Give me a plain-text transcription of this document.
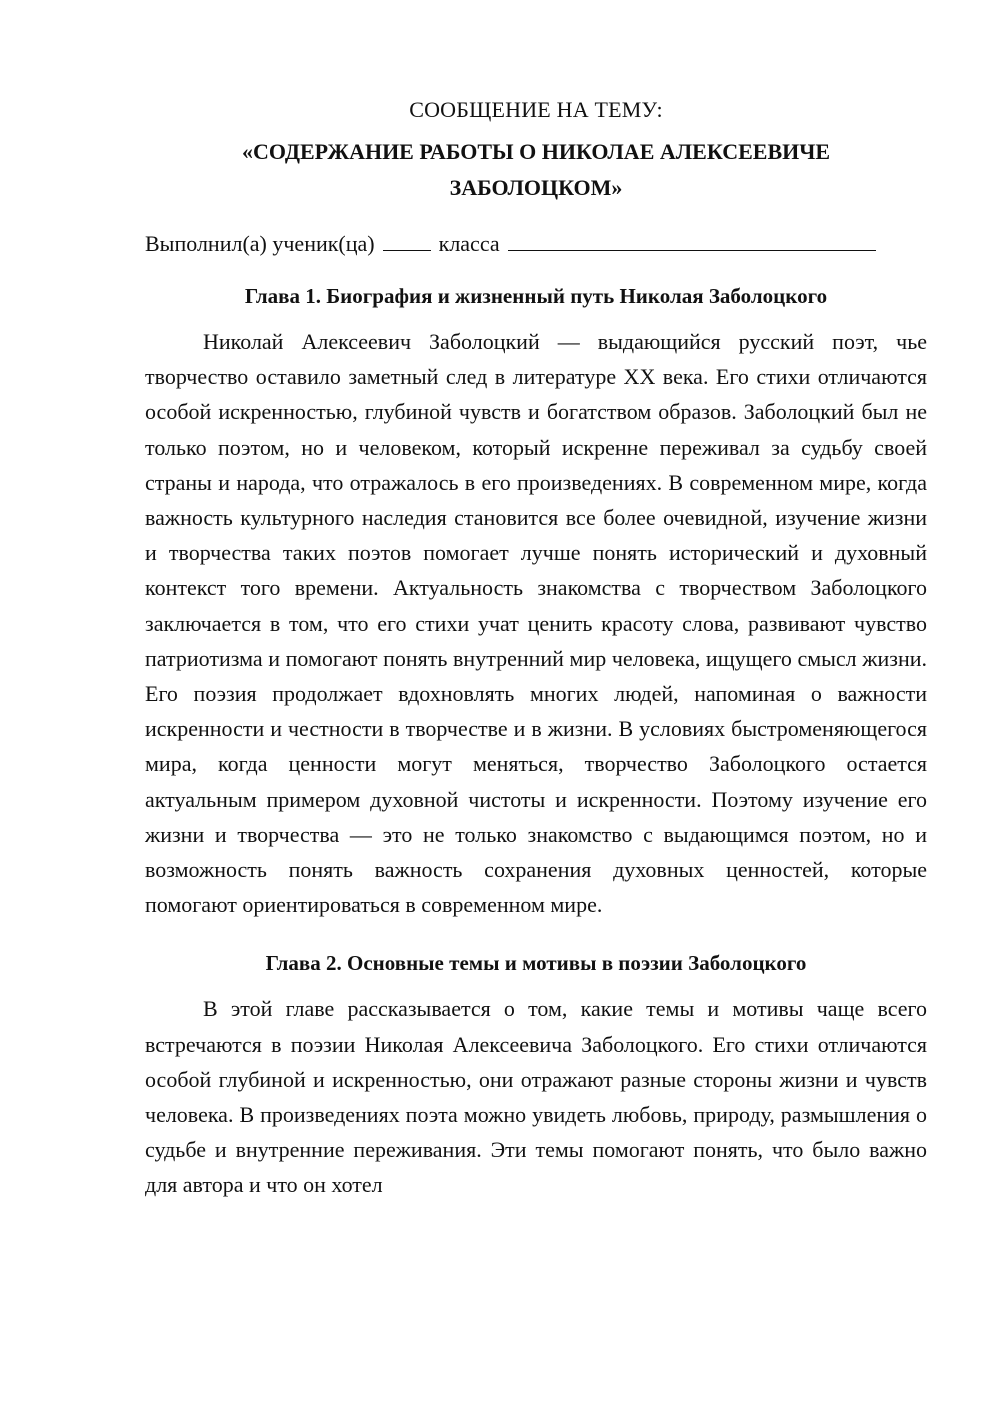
СООБЩЕНИЕ НА ТЕМУ:

«СОДЕРЖАНИЕ РАБОТЫ О НИКОЛАЕ АЛЕКСЕЕВИЧЕ ЗАБОЛОЦКОМ»

Выполнил(а) ученик(ца)	класса
Глава 1. Биография и жизненный путь Николая Заболоцкого

Николай Алексеевич Заболоцкий — выдающийся русский поэт, чье творчество оставило заметный след в литературе XX века. Его стихи отличаются особой искренностью, глубиной чувств и богатством образов. Заболоцкий был не только поэтом, но и человеком, который искренне переживал за судьбу своей страны и народа, что отражалось в его произведениях. В современном мире, когда важность культурного наследия становится все более очевидной, изучение жизни и творчества таких поэтов помогает лучше понять исторический и духовный контекст того времени. Актуальность знакомства с творчеством Заболоцкого заключается в том, что его стихи учат ценить красоту слова, развивают чувство патриотизма и помогают понять внутренний мир человека, ищущего смысл жизни. Его поэзия продолжает вдохновлять многих людей, напоминая о важности искренности и честности в творчестве и в жизни. В условиях быстроменяющегося мира, когда ценности могут меняться, творчество Заболоцкого остается актуальным примером духовной чистоты и искренности. Поэтому изучение его жизни и творчества — это не только знакомство с выдающимся поэтом, но и возможность понять важность сохранения духовных ценностей, которые помогают ориентироваться в современном мире.

Глава 2. Основные темы и мотивы в поэзии Заболоцкого

В этой главе рассказывается о том, какие темы и мотивы чаще всего встречаются в поэзии Николая Алексеевича Заболоцкого. Его стихи отличаются особой глубиной и искренностью, они отражают разные стороны жизни и чувств человека. В произведениях поэта можно увидеть любовь, природу, размышления о судьбе и внутренние переживания. Эти темы помогают понять, что было важно для автора и что он хотел
